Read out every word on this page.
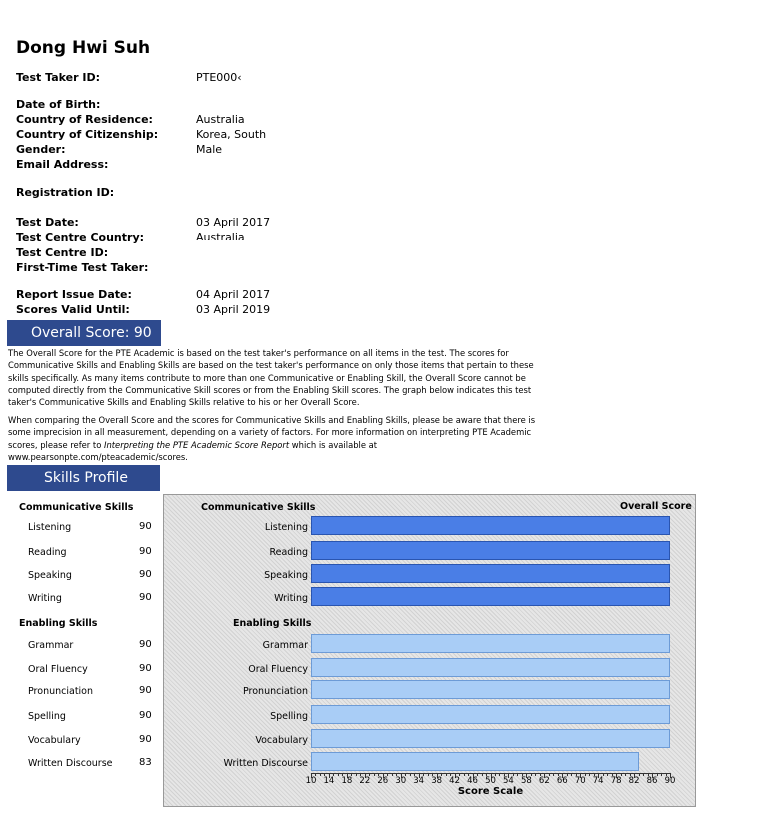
Dong Hwi Suh
Test Taker ID:	PTE000‹
Date of Birth:
Country of Residence:	Australia
Country of Citizenship:	Korea, South
Gender:	Male
Email Address:
Registration ID:
Test Date:	03 April 2017
Test Centre Country:	Australia
Test Centre ID:
First-Time Test Taker:
Report Issue Date:	04 April 2017
Scores Valid Until:	03 April 2019
Overall Score: 90
The Overall Score for the PTE Academic is based on the test taker's performance on all items in the test. The scores for Communicative Skills and Enabling Skills are based on the test taker's performance on only those items that pertain to these skills specifically. As many items contribute to more than one Communicative or Enabling Skill, the Overall Score cannot be computed directly from the Communicative Skill scores or from the Enabling Skill scores. The graph below indicates this test taker's Communicative Skills and Enabling Skills relative to his or her Overall Score.
When comparing the Overall Score and the scores for Communicative Skills and Enabling Skills, please be aware that there is some imprecision in all measurement, depending on a variety of factors. For more information on interpreting PTE Academic scores, please refer to Interpreting the PTE Academic Score Report which is available at www.pearsonpte.com/pteacademic/scores.
Skills Profile
Communicative Skills
Enabling Skills
Listening	90
Reading	90
Speaking	90
Writing	90
Grammar	90
Oral Fluency	90
Pronunciation	90
Spelling	90
Vocabulary	90
Written Discourse	83
Communicative Skills
Enabling Skills
Overall Score
Listening
Reading
Speaking
Writing
Grammar
Oral Fluency
Pronunciation
Spelling
Vocabulary
Written Discourse
10 14 18 22 26 30 34 38 42 46 50 54 58 62 66 70 74 78 82 86 90
Score Scale
